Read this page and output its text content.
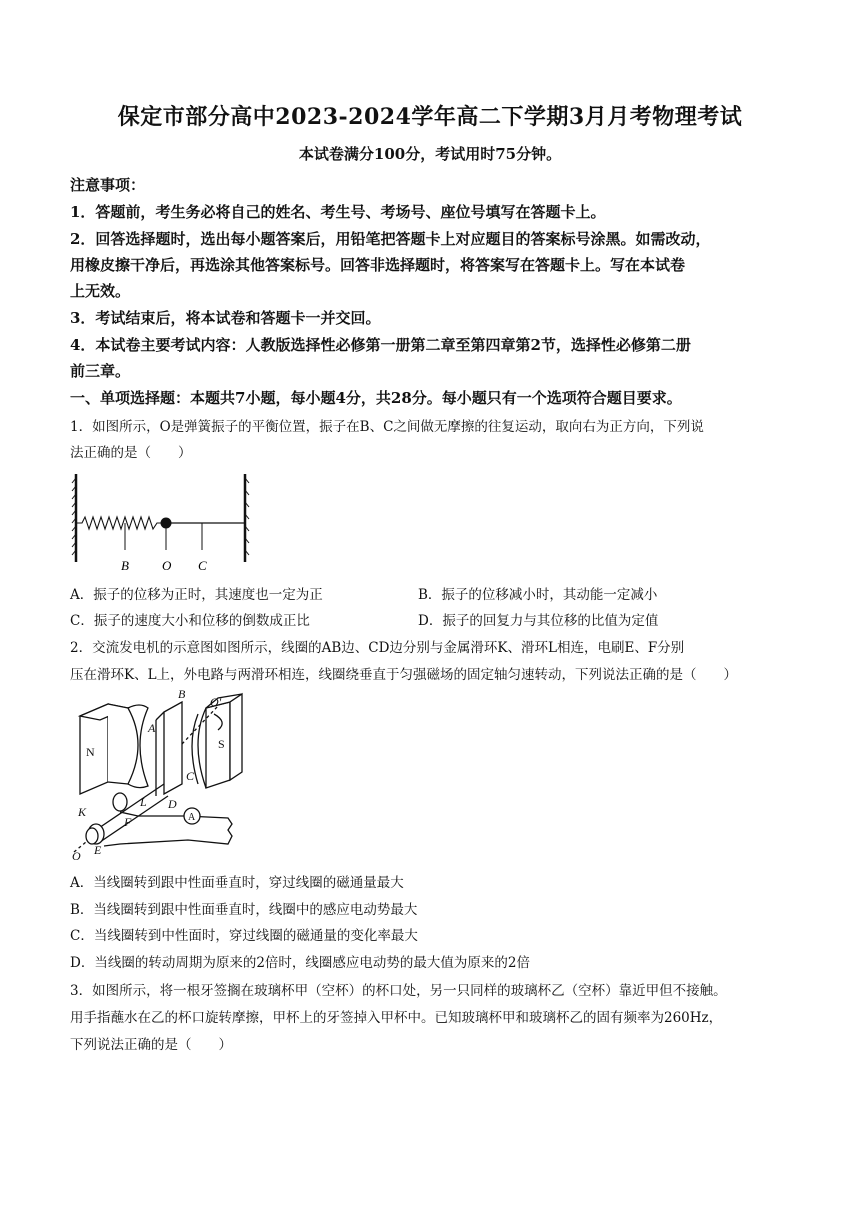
保定市部分高中2023-2024学年高二下学期3月月考物理考试
本试卷满分100分，考试用时75分钟。
注意事项：
1．答题前，考生务必将自己的姓名、考生号、考场号、座位号填写在答题卡上。
2．回答选择题时，选出每小题答案后，用铅笔把答题卡上对应题目的答案标号涂黑。如需改动，
用橡皮擦干净后，再选涂其他答案标号。回答非选择题时，将答案写在答题卡上。写在本试卷
上无效。
3．考试结束后，将本试卷和答题卡一并交回。
4．本试卷主要考试内容：人教版选择性必修第一册第二章至第四章第2节，选择性必修第二册
前三章。
一、单项选择题：本题共7小题，每小题4分，共28分。每小题只有一个选项符合题目要求。
1．如图所示，O是弹簧振子的平衡位置，振子在B、C之间做无摩擦的往复运动，取向右为正方向，下列说
法正确的是（　　）
B	O C
A．振子的位移为正时，其速度也一定为正	B．振子的位移减小时，其动能一定减小
C．振子的速度大小和位移的倒数成正比	D．振子的回复力与其位移的比值为定值
2．交流发电机的示意图如图所示，线圈的AB边、CD边分别与金属滑环K、滑环L相连，电刷E、F分别
压在滑环K、L上，外电路与两滑环相连，线圈绕垂直于匀强磁场的固定轴匀速转动，下列说法正确的是（　　）
B
O'
A
N
S
C
L D
K
F	A
E
O
A．当线圈转到跟中性面垂直时，穿过线圈的磁通量最大
B．当线圈转到跟中性面垂直时，线圈中的感应电动势最大
C．当线圈转到中性面时，穿过线圈的磁通量的变化率最大
D．当线圈的转动周期为原来的2倍时，线圈感应电动势的最大值为原来的2倍
3．如图所示，将一根牙签搁在玻璃杯甲（空杯）的杯口处，另一只同样的玻璃杯乙（空杯）靠近甲但不接触。
用手指蘸水在乙的杯口旋转摩擦，甲杯上的牙签掉入甲杯中。已知玻璃杯甲和玻璃杯乙的固有频率为260Hz，
下列说法正确的是（　　）
